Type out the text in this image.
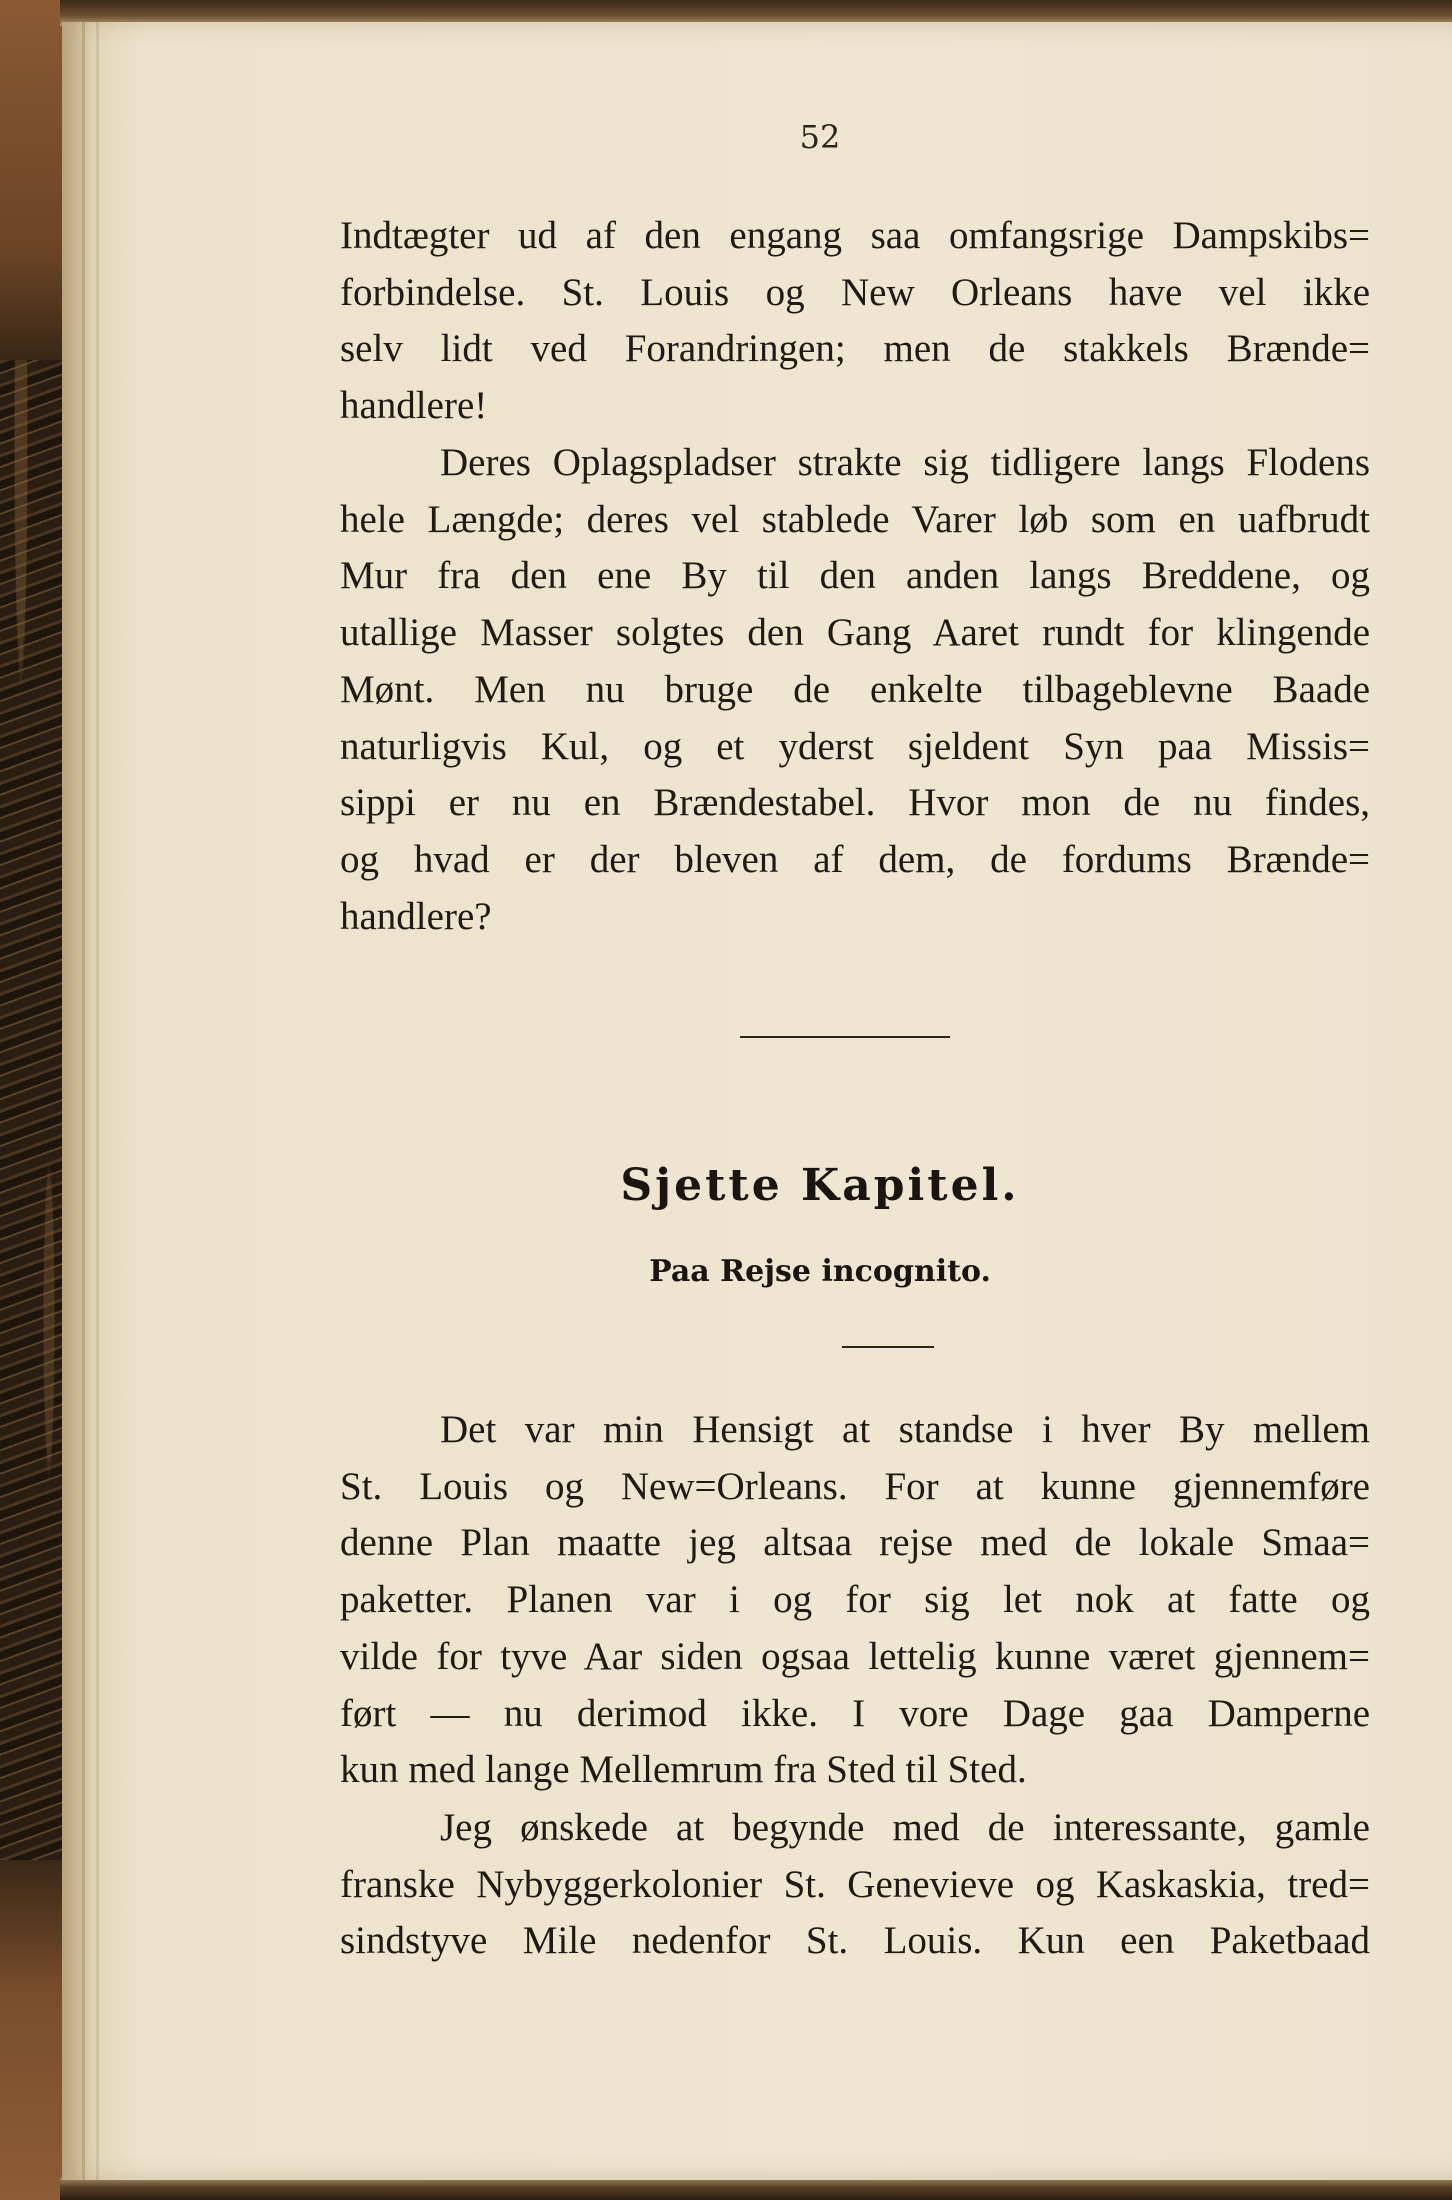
52
Indtægter ud af den engang saa omfangsrige Dampskibs=
forbindelse. St. Louis og New Orleans have vel ikke
selv lidt ved Forandringen; men de stakkels Brænde=
handlere!
Deres Oplagspladser strakte sig tidligere langs Flodens
hele Længde; deres vel stablede Varer løb som en uafbrudt
Mur fra den ene By til den anden langs Breddene, og
utallige Masser solgtes den Gang Aaret rundt for klingende
Mønt. Men nu bruge de enkelte tilbageblevne Baade
naturligvis Kul, og et yderst sjeldent Syn paa Missis=
sippi er nu en Brændestabel. Hvor mon de nu findes,
og hvad er der bleven af dem, de fordums Brænde=
handlere?
Sjette Kapitel.
Paa Rejse incognito.
Det var min Hensigt at standse i hver By mellem
St. Louis og New=Orleans. For at kunne gjennemføre
denne Plan maatte jeg altsaa rejse med de lokale Smaa=
paketter. Planen var i og for sig let nok at fatte og
vilde for tyve Aar siden ogsaa lettelig kunne været gjennem=
ført — nu derimod ikke. I vore Dage gaa Damperne
kun med lange Mellemrum fra Sted til Sted.
Jeg ønskede at begynde med de interessante, gamle
franske Nybyggerkolonier St. Genevieve og Kaskaskia, tred=
sindstyve Mile nedenfor St. Louis. Kun een Paketbaad
